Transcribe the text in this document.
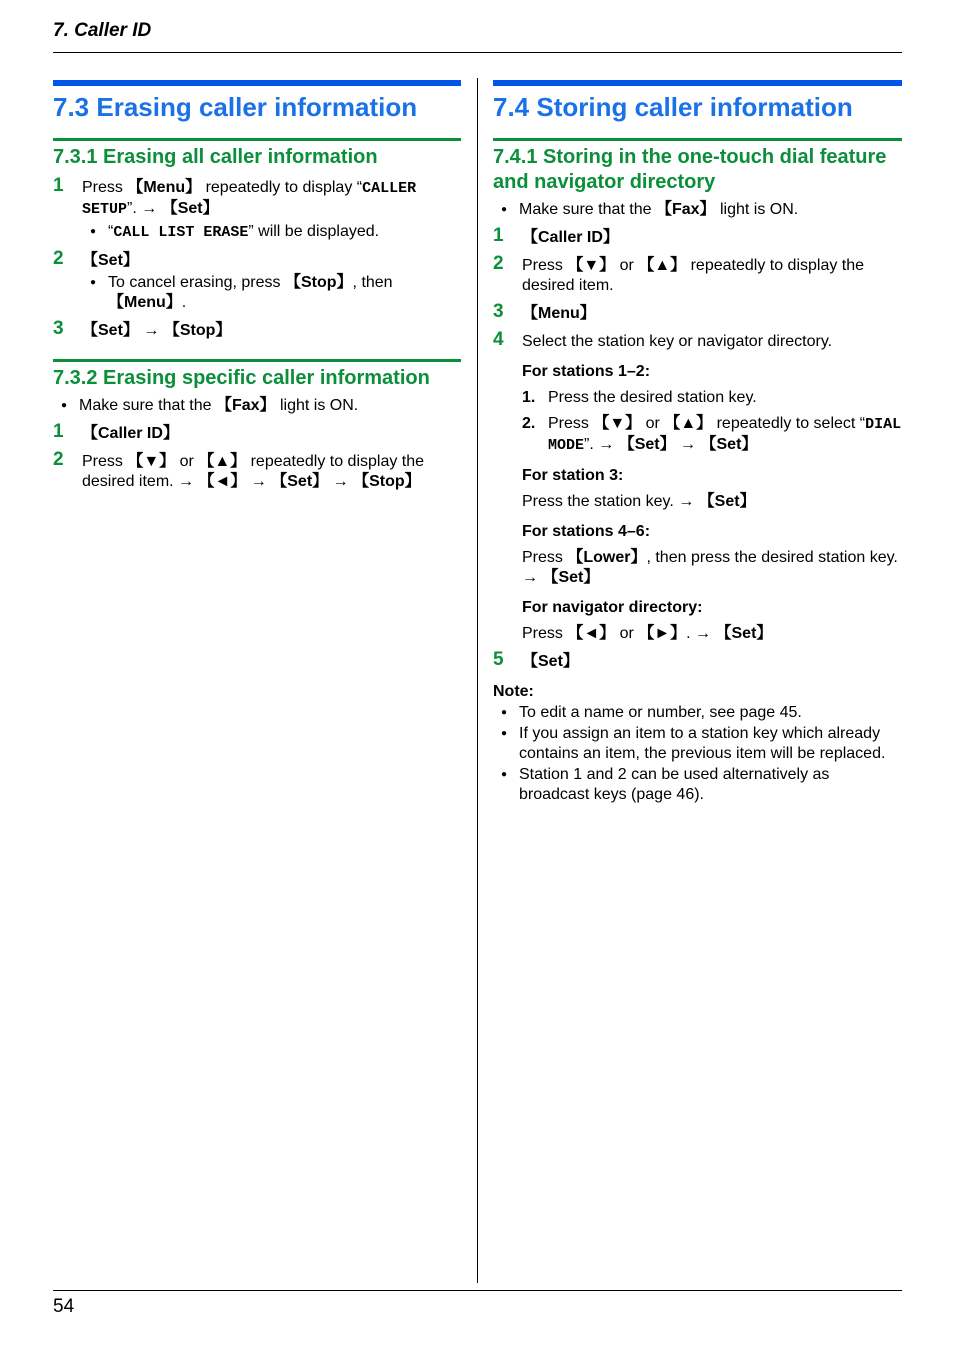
7. Caller ID
54
7.3 Erasing caller information
7.3.1 Erasing all caller information
1 Press 【Menu】 repeatedly to display “CALLER SETUP”. → 【Set】
● “CALL LIST ERASE” will be displayed.
2 【Set】
● To cancel erasing, press 【Stop】, then 【Menu】.
3 【Set】 → 【Stop】
7.3.2 Erasing specific caller information
● Make sure that the 【Fax】 light is ON.
1 【Caller ID】
2 Press 【▼】 or 【▲】 repeatedly to display the desired item. → 【◄】 → 【Set】 → 【Stop】
7.4 Storing caller information
7.4.1 Storing in the one-touch dial feature and navigator directory
● Make sure that the 【Fax】 light is ON.
1 【Caller ID】
2 Press 【▼】 or 【▲】 repeatedly to display the desired item.
3 【Menu】
4 Select the station key or navigator directory.
For stations 1–2:
1. Press the desired station key.
2. Press 【▼】 or 【▲】 repeatedly to select “DIAL MODE”. → 【Set】 → 【Set】
For station 3:
Press the station key. → 【Set】
For stations 4–6:
Press 【Lower】, then press the desired station key.
→ 【Set】
For navigator directory:
Press 【◄】 or 【►】. → 【Set】
5 【Set】
Note:
● To edit a name or number, see page 45.
● If you assign an item to a station key which already contains an item, the previous item will be replaced.
● Station 1 and 2 can be used alternatively as broadcast keys (page 46).
